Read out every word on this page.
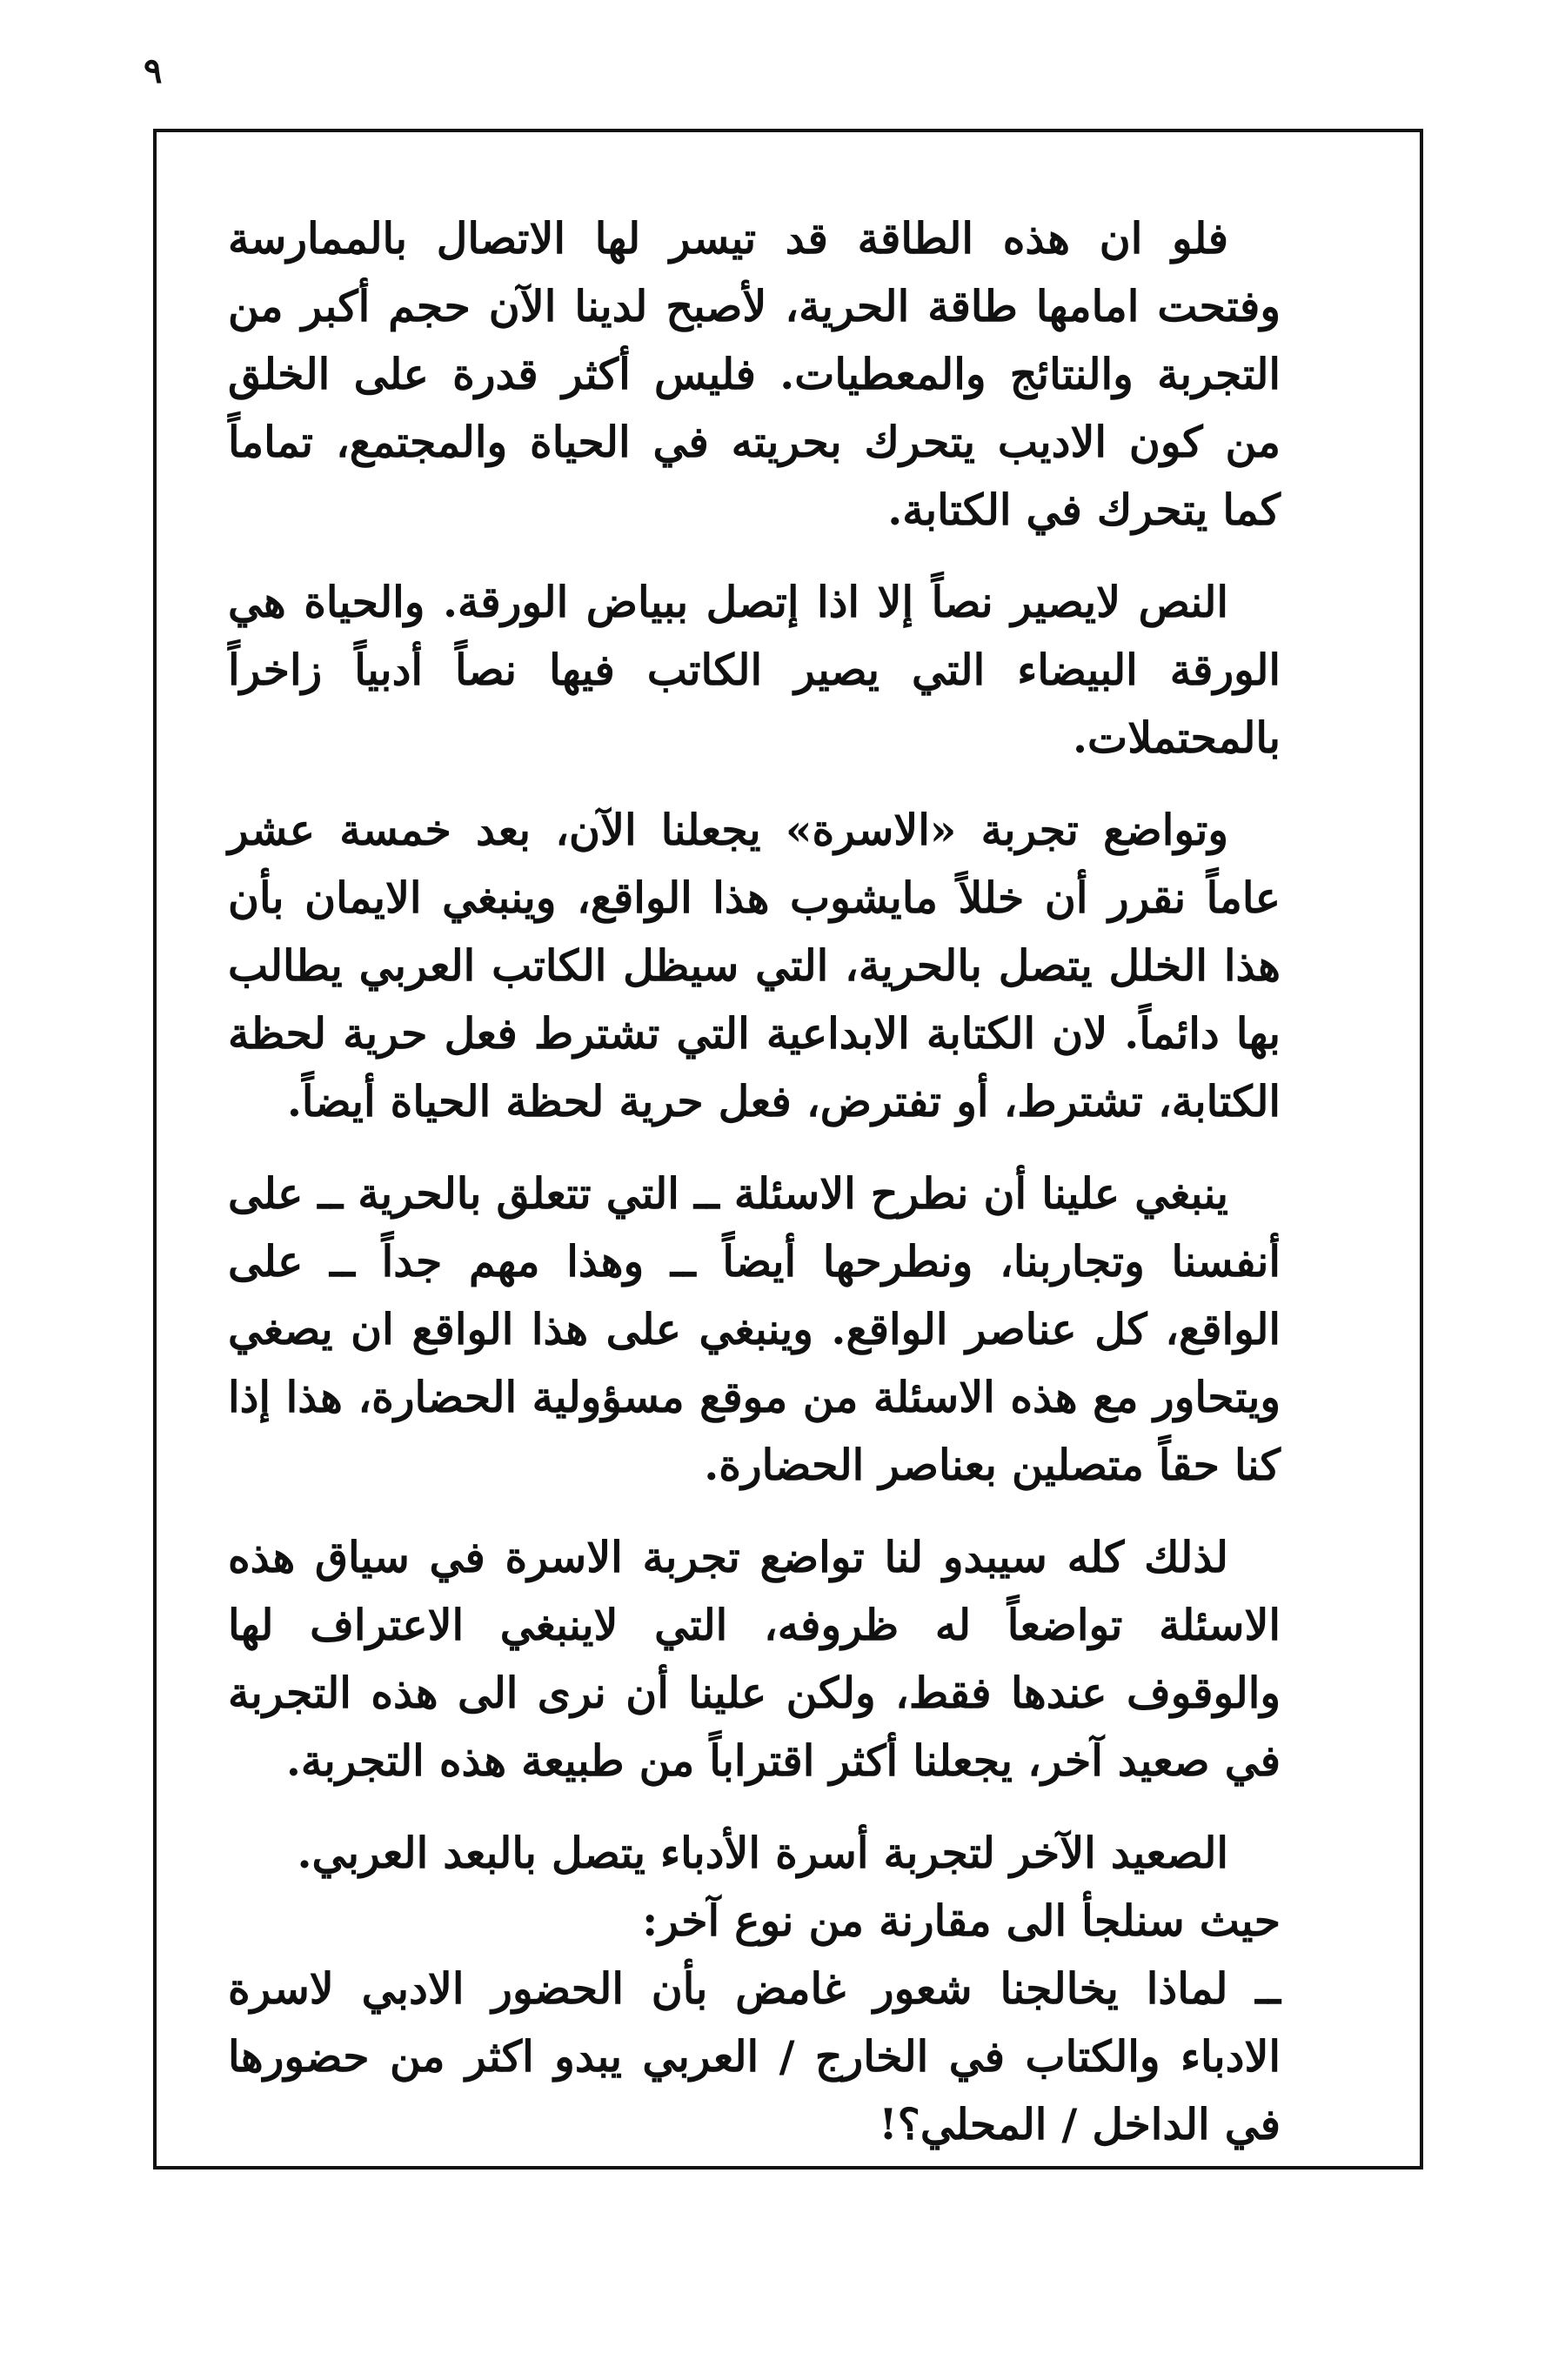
٩

فلو ان هذه الطاقة قد تيسر لها الاتصال بالممارسة وفتحت امامها طاقة الحرية، لأصبح لدينا الآن حجم أكبر من التجربة والنتائج والمعطيات. فليس أكثر قدرة على الخلق من كون الاديب يتحرك بحريته في الحياة والمجتمع، تماماً كما يتحرك في الكتابة.

النص لايصير نصاً إلا اذا إتصل ببياض الورقة. والحياة هي الورقة البيضاء التي يصير الكاتب فيها نصاً أدبياً زاخراً بالمحتملات.

وتواضع تجربة «الاسرة» يجعلنا الآن، بعد خمسة عشر عاماً نقرر أن خللاً مايشوب هذا الواقع، وينبغي الايمان بأن هذا الخلل يتصل بالحرية، التي سيظل الكاتب العربي يطالب بها دائماً. لان الكتابة الابداعية التي تشترط فعل حرية لحظة الكتابة، تشترط، أو تفترض، فعل حرية لحظة الحياة أيضاً.

ينبغي علينا أن نطرح الاسئلة ــ التي تتعلق بالحرية ــ على أنفسنا وتجاربنا، ونطرحها أيضاً ــ وهذا مهم جداً ــ على الواقع، كل عناصر الواقع. وينبغي على هذا الواقع ان يصغي ويتحاور مع هذه الاسئلة من موقع مسؤولية الحضارة، هذا إذا كنا حقاً متصلين بعناصر الحضارة.

لذلك كله سيبدو لنا تواضع تجربة الاسرة في سياق هذه الاسئلة تواضعاً له ظروفه، التي لاينبغي الاعتراف لها والوقوف عندها فقط، ولكن علينا أن نرى الى هذه التجربة في صعيد آخر، يجعلنا أكثر اقتراباً من طبيعة هذه التجربة.

الصعيد الآخر لتجربة أسرة الأدباء يتصل بالبعد العربي.
حيث سنلجأ الى مقارنة من نوع آخر:
ــ لماذا يخالجنا شعور غامض بأن الحضور الادبي لاسرة الادباء والكتاب في الخارج / العربي يبدو اكثر من حضورها في الداخل / المحلي؟!
